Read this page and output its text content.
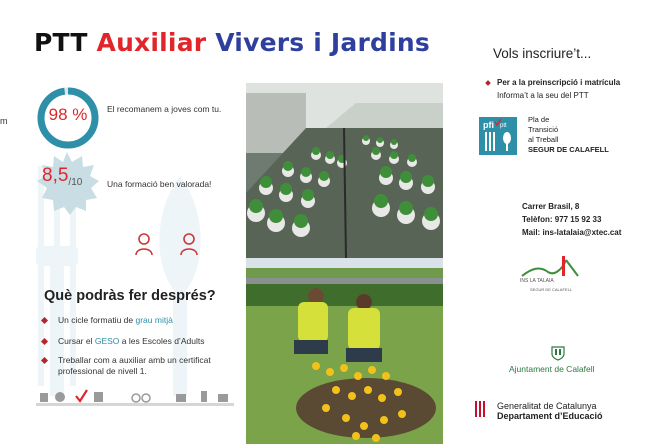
PTT Auxiliar Vivers i Jardins
m	98 %	El recomanem a joves com tu.
$8,5_{/10}$	Una formació ben valorada!
Què podràs fer després?
Un cicle formatiu de grau mitjà
Cursar el GESO a les Escoles d’Adults
Treballar com a auxiliar amb un certificat professional de nivell 1.
Vols inscriure’t...
Per a la preinscripció i matrícula
Informa’t a la seu del PTT
pfi ptt
Pla de
Transició
al Treball
SEGUR DE CALAFELL
Carrer Brasil, 8
Telèfon: 977 15 92 33
Mail: ins-latalaia@xtec.cat
INS LA TALAIA
SEGUR DE CALAFELL
Ajuntament de Calafell
Generalitat de Catalunya
Departament d’Educació
